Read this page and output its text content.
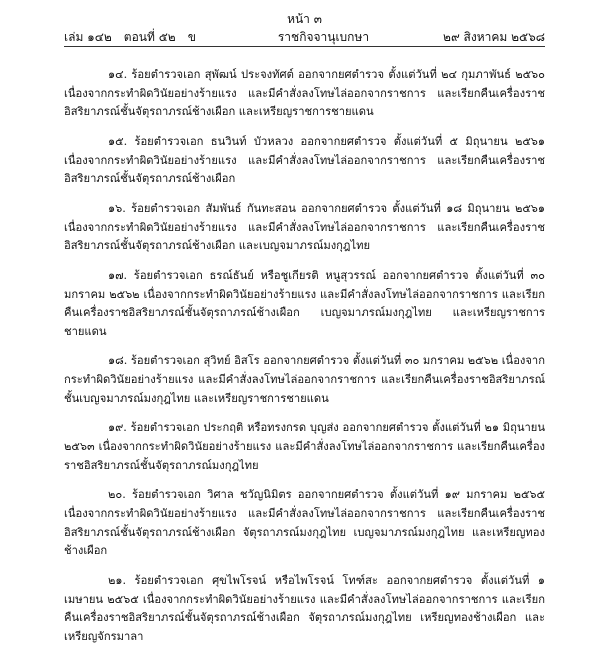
หน้า ๓
เล่ม ๑๔๒ ตอนที่ ๕๒ ข	ราชกิจจานุเบกษา	๒๙ สิงหาคม ๒๕๖๘

๑๔. ร้อยตำรวจเอก สุพัฒน์ ประจงทัศต์ ออกจากยศตำรวจ ตั้งแต่วันที่ ๒๔ กุมภาพันธ์ ๒๕๖๐ เนื่องจากกระทำผิดวินัยอย่างร้ายแรง และมีคำสั่งลงโทษไล่ออกจากราชการ และเรียกคืนเครื่องราชอิสริยาภรณ์ชั้นจัตุรถาภรณ์ช้างเผือก และเหรียญราชการชายแดน

๑๕. ร้อยตำรวจเอก ธนวินท์ บัวหลวง ออกจากยศตำรวจ ตั้งแต่วันที่ ๕ มิถุนายน ๒๕๖๑ เนื่องจากกระทำผิดวินัยอย่างร้ายแรง และมีคำสั่งลงโทษไล่ออกจากราชการ และเรียกคืนเครื่องราชอิสริยาภรณ์ชั้นจัตุรถาภรณ์ช้างเผือก

๑๖. ร้อยตำรวจเอก สัมพันธ์ กันทะสอน ออกจากยศตำรวจ ตั้งแต่วันที่ ๑๘ มิถุนายน ๒๕๖๑ เนื่องจากกระทำผิดวินัยอย่างร้ายแรง และมีคำสั่งลงโทษไล่ออกจากราชการ และเรียกคืนเครื่องราชอิสริยาภรณ์ชั้นจัตุรถาภรณ์ช้างเผือก และเบญจมาภรณ์มงกุฎไทย

๑๗. ร้อยตำรวจเอก ธรณ์ธันย์ หรือชูเกียรติ หนูสุวรรณ์ ออกจากยศตำรวจ ตั้งแต่วันที่ ๓๐ มกราคม ๒๕๖๒ เนื่องจากกระทำผิดวินัยอย่างร้ายแรง และมีคำสั่งลงโทษไล่ออกจากราชการ และเรียกคืนเครื่องราชอิสริยาภรณ์ชั้นจัตุรถาภรณ์ช้างเผือก เบญจมาภรณ์มงกุฎไทย และเหรียญราชการชายแดน

๑๘. ร้อยตำรวจเอก สุวิทย์ อิสโร ออกจากยศตำรวจ ตั้งแต่วันที่ ๓๐ มกราคม ๒๕๖๒ เนื่องจากกระทำผิดวินัยอย่างร้ายแรง และมีคำสั่งลงโทษไล่ออกจากราชการ และเรียกคืนเครื่องราชอิสริยาภรณ์ชั้นเบญจมาภรณ์มงกุฎไทย และเหรียญราชการชายแดน

๑๙. ร้อยตำรวจเอก ประกฤติ หรือทรงกรด บุญส่ง ออกจากยศตำรวจ ตั้งแต่วันที่ ๒๑ มิถุนายน ๒๕๖๓ เนื่องจากกระทำผิดวินัยอย่างร้ายแรง และมีคำสั่งลงโทษไล่ออกจากราชการ และเรียกคืนเครื่องราชอิสริยาภรณ์ชั้นจัตุรถาภรณ์มงกุฎไทย

๒๐. ร้อยตำรวจเอก วิศาล ชวัญนิมิตร ออกจากยศตำรวจ ตั้งแต่วันที่ ๑๙ มกราคม ๒๕๖๕ เนื่องจากกระทำผิดวินัยอย่างร้ายแรง และมีคำสั่งลงโทษไล่ออกจากราชการ และเรียกคืนเครื่องราชอิสริยาภรณ์ชั้นจัตุรถาภรณ์ช้างเผือก จัตุรถาภรณ์มงกุฎไทย เบญจมาภรณ์มงกุฎไทย และเหรียญทองช้างเผือก

๒๑. ร้อยตำรวจเอก ศุขไพโรจน์ หรือไพโรจน์ โทฑ์สะ ออกจากยศตำรวจ ตั้งแต่วันที่ ๑ เมษายน ๒๕๖๕ เนื่องจากกระทำผิดวินัยอย่างร้ายแรง และมีคำสั่งลงโทษไล่ออกจากราชการ และเรียกคืนเครื่องราชอิสริยาภรณ์ชั้นจัตุรถาภรณ์ช้างเผือก จัตุรถาภรณ์มงกุฎไทย เหรียญทองช้างเผือก และเหรียญจักรมาลา
